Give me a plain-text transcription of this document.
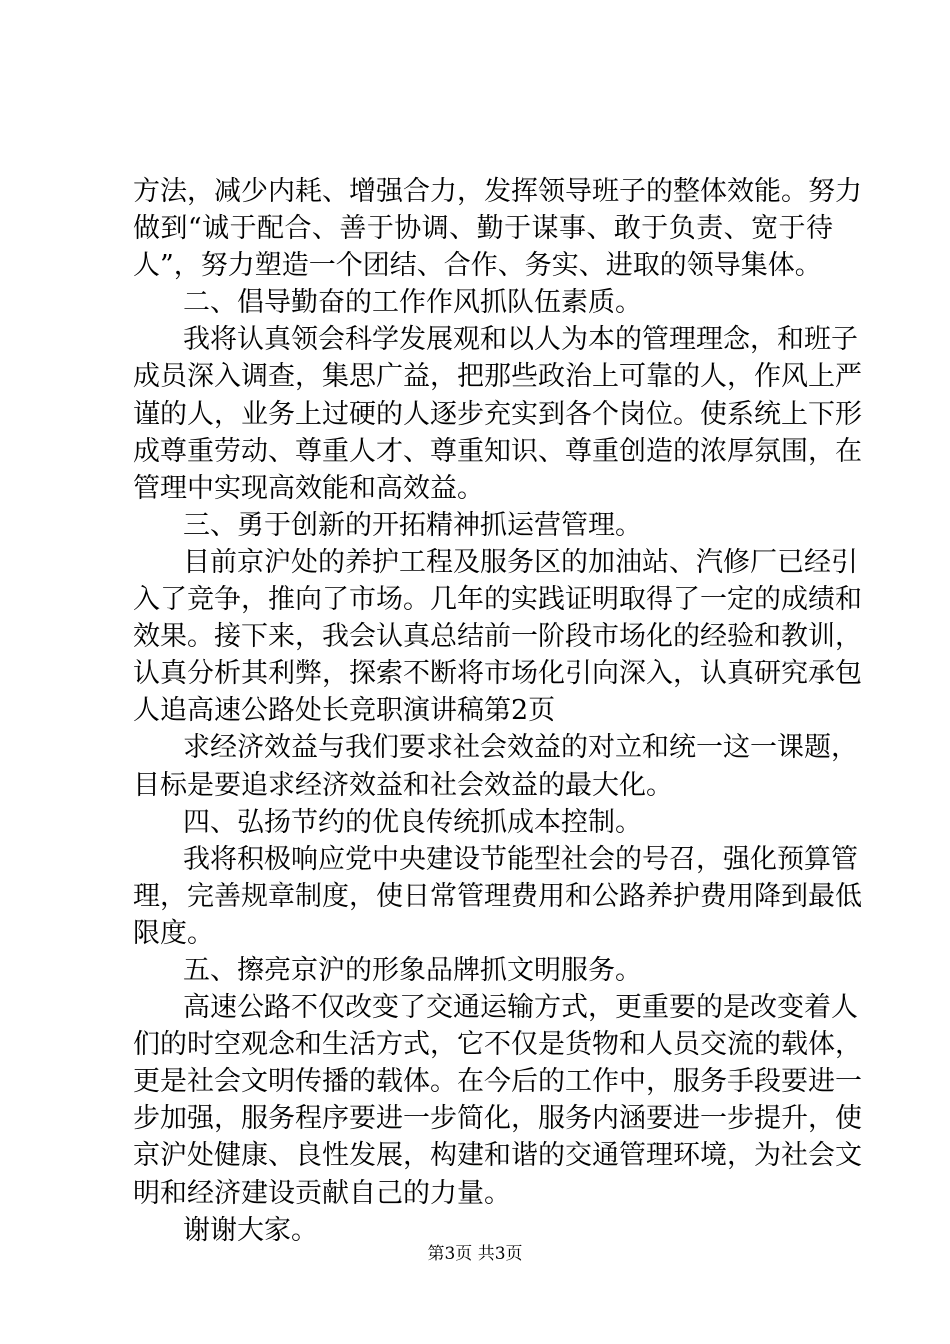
方法，减少内耗、增强合力，发挥领导班子的整体效能。努力
做到“诚于配合、善于协调、勤于谋事、敢于负责、宽于待
人”，努力塑造一个团结、合作、务实、进取的领导集体。
二、倡导勤奋的工作作风抓队伍素质。
我将认真领会科学发展观和以人为本的管理理念，和班子
成员深入调查，集思广益，把那些政治上可靠的人，作风上严
谨的人，业务上过硬的人逐步充实到各个岗位。使系统上下形
成尊重劳动、尊重人才、尊重知识、尊重创造的浓厚氛围，在
管理中实现高效能和高效益。
三、勇于创新的开拓精神抓运营管理。
目前京沪处的养护工程及服务区的加油站、汽修厂已经引
入了竞争，推向了市场。几年的实践证明取得了一定的成绩和
效果。接下来，我会认真总结前一阶段市场化的经验和教训，
认真分析其利弊，探索不断将市场化引向深入，认真研究承包
人追高速公路处长竞职演讲稿第2页
求经济效益与我们要求社会效益的对立和统一这一课题，
目标是要追求经济效益和社会效益的最大化。
四、弘扬节约的优良传统抓成本控制。
我将积极响应党中央建设节能型社会的号召，强化预算管
理，完善规章制度，使日常管理费用和公路养护费用降到最低
限度。
五、擦亮京沪的形象品牌抓文明服务。
高速公路不仅改变了交通运输方式，更重要的是改变着人
们的时空观念和生活方式，它不仅是货物和人员交流的载体，
更是社会文明传播的载体。在今后的工作中，服务手段要进一
步加强，服务程序要进一步简化，服务内涵要进一步提升，使
京沪处健康、良性发展，构建和谐的交通管理环境，为社会文
明和经济建设贡献自己的力量。
谢谢大家。
第3页 共3页
